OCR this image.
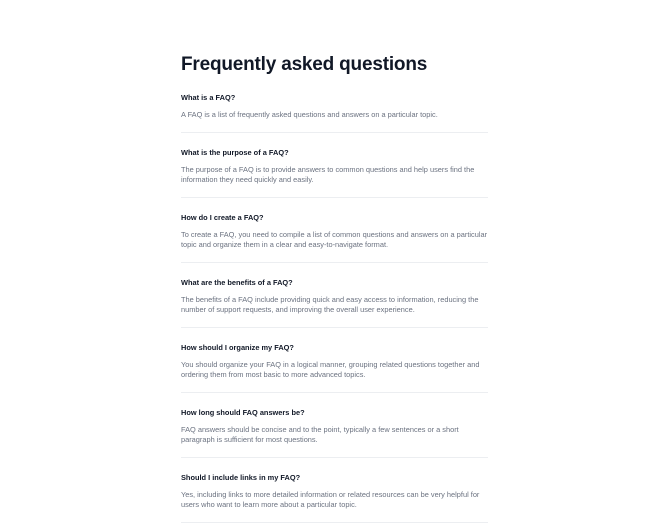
Frequently asked questions
What is a FAQ?

A FAQ is a list of frequently asked questions and answers on a particular topic.

What is the purpose of a FAQ?

The purpose of a FAQ is to provide answers to common questions and help users find the information they need quickly and easily.

How do I create a FAQ?

To create a FAQ, you need to compile a list of common questions and answers on a particular topic and organize them in a clear and easy-to-navigate format.

What are the benefits of a FAQ?

The benefits of a FAQ include providing quick and easy access to information, reducing the number of support requests, and improving the overall user experience.

How should I organize my FAQ?

You should organize your FAQ in a logical manner, grouping related questions together and ordering them from most basic to more advanced topics.

How long should FAQ answers be?

FAQ answers should be concise and to the point, typically a few sentences or a short paragraph is sufficient for most questions.

Should I include links in my FAQ?

Yes, including links to more detailed information or related resources can be very helpful for users who want to learn more about a particular topic.
